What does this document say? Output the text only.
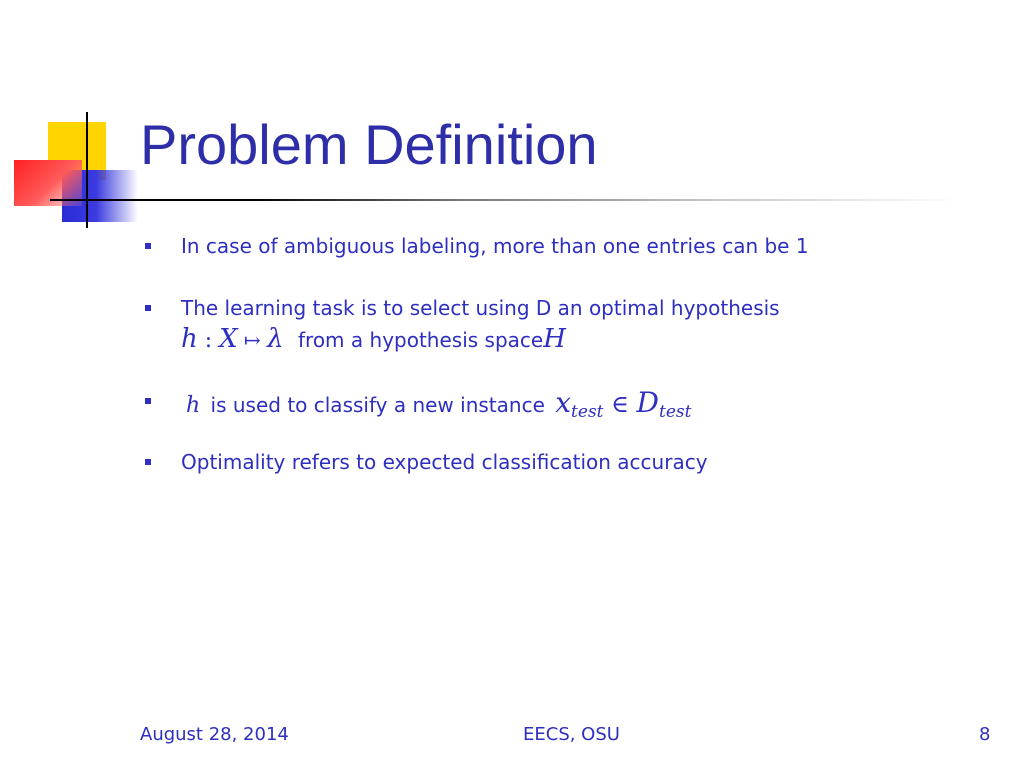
Problem Definition
In case of ambiguous labeling, more than one entries can be 1
The learning task is to select using D an optimal hypothesis
h : X ↦ λ from a hypothesis spaceH
h is used to classify a new instance $x_{test}$ ∈ $D_{test}$
Optimality refers to expected classification accuracy
August 28, 2014	EECS, OSU	8
